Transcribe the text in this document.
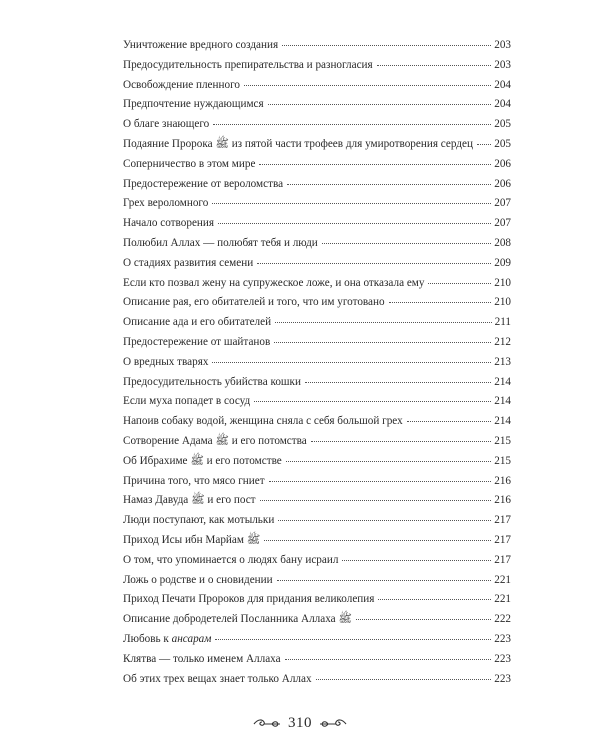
Уничтожение вредного создания	203
Предосудительность препирательства и разногласия	203
Освобождение пленного	204
Предпочтение нуждающимся	204
О благе знающего	205
Подаяние Пророка ﷺ из пятой части трофеев для умиротворения сердец 205
Соперничество в этом мире	206
Предостережение от вероломства	206
Грех вероломного	207
Начало сотворения	207
Полюбил Аллах — полюбят тебя и люди	208
О стадиях развития семени	209
Если кто позвал жену на супружеское ложе, и она отказала ему	210
Описание рая, его обитателей и того, что им уготовано	210
Описание ада и его обитателей	211
Предостережение от шайтанов	212
О вредных тварях	213
Предосудительность убийства кошки	214
Если муха попадет в сосуд	214
Напоив собаку водой, женщина сняла с себя большой грех	214
Сотворение Адама ﷺ и его потомства	215
Об Ибрахиме ﷺ и его потомстве	215
Причина того, что мясо гниет	216
Намаз Давуда ﷺ и его пост	216
Люди поступают, как мотыльки	217
Приход Исы ибн Марйам ﷺ	217
О том, что упоминается о людях бану исраил	217
Ложь о родстве и о сновидении	221
Приход Печати Пророков для придания великолепия	221
Описание добродетелей Посланника Аллаха ﷺ	222
Любовь к ансарам	223
Клятва — только именем Аллаха	223
Об этих трех вещах знает только Аллах	223
310
